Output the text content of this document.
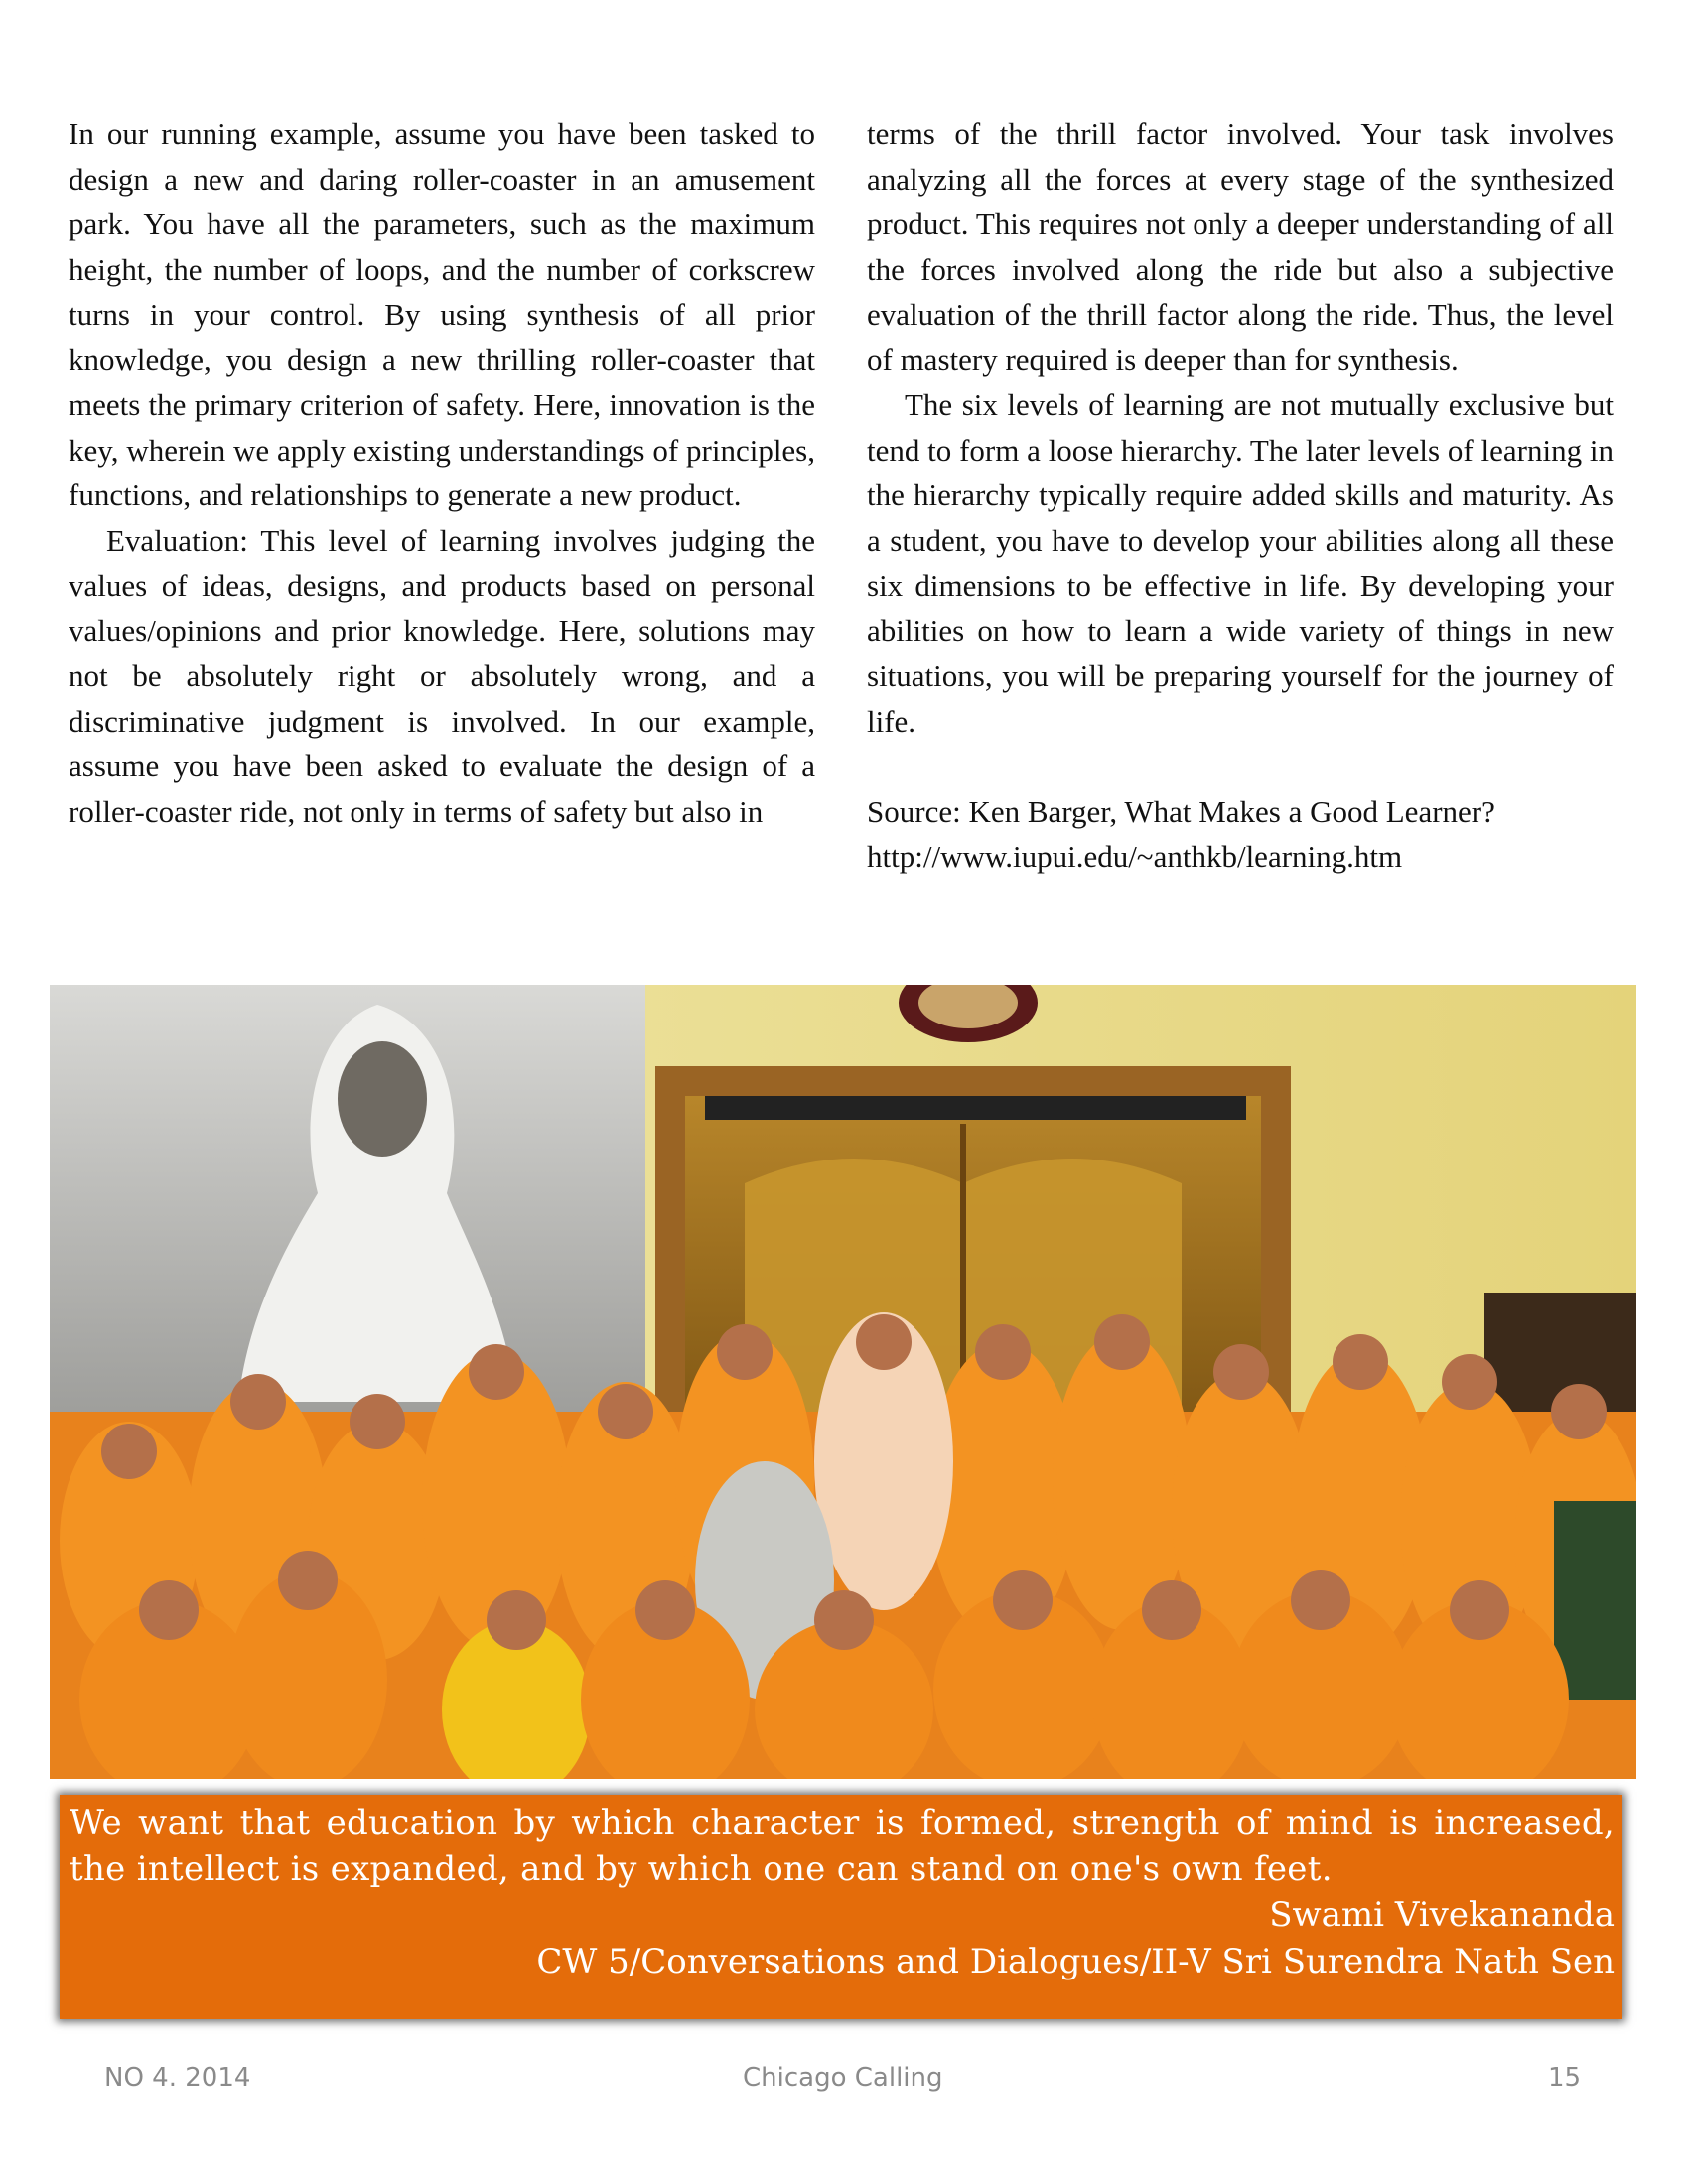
In our running example, assume you have been tasked to design a new and daring roller-coaster in an amusement park. You have all the parameters, such as the maximum height, the number of loops, and the number of corkscrew turns in your control. By using synthesis of all prior knowledge, you design a new thrilling roller-coaster that meets the primary criterion of safety. Here, innovation is the key, wherein we apply existing understandings of principles, functions, and relationships to generate a new product.

Evaluation: This level of learning involves judging the values of ideas, designs, and products based on personal values/opinions and prior knowledge. Here, solutions may not be absolutely right or absolutely wrong, and a discriminative judgment is involved. In our example, assume you have been asked to evaluate the design of a roller-coaster ride, not only in terms of safety but also in

terms of the thrill factor involved. Your task involves analyzing all the forces at every stage of the synthesized product. This requires not only a deeper understanding of all the forces involved along the ride but also a subjective evaluation of the thrill factor along the ride. Thus, the level of mastery required is deeper than for synthesis.

The six levels of learning are not mutually exclusive but tend to form a loose hierarchy. The later levels of learning in the hierarchy typically require added skills and maturity. As a student, you have to develop your abilities along all these six dimensions to be effective in life. By developing your abilities on how to learn a wide variety of things in new situations, you will be preparing yourself for the journey of life.

Source: Ken Barger, What Makes a Good Learner?

http://www.iupui.edu/~anthkb/learning.htm

We want that education by which character is formed, strength of mind is increased, the intellect is expanded, and by which one can stand on one's own feet.
Swami Vivekananda
CW 5/Conversations and Dialogues/II-V Sri Surendra Nath Sen
NO 4. 2014	Chicago Calling	15
